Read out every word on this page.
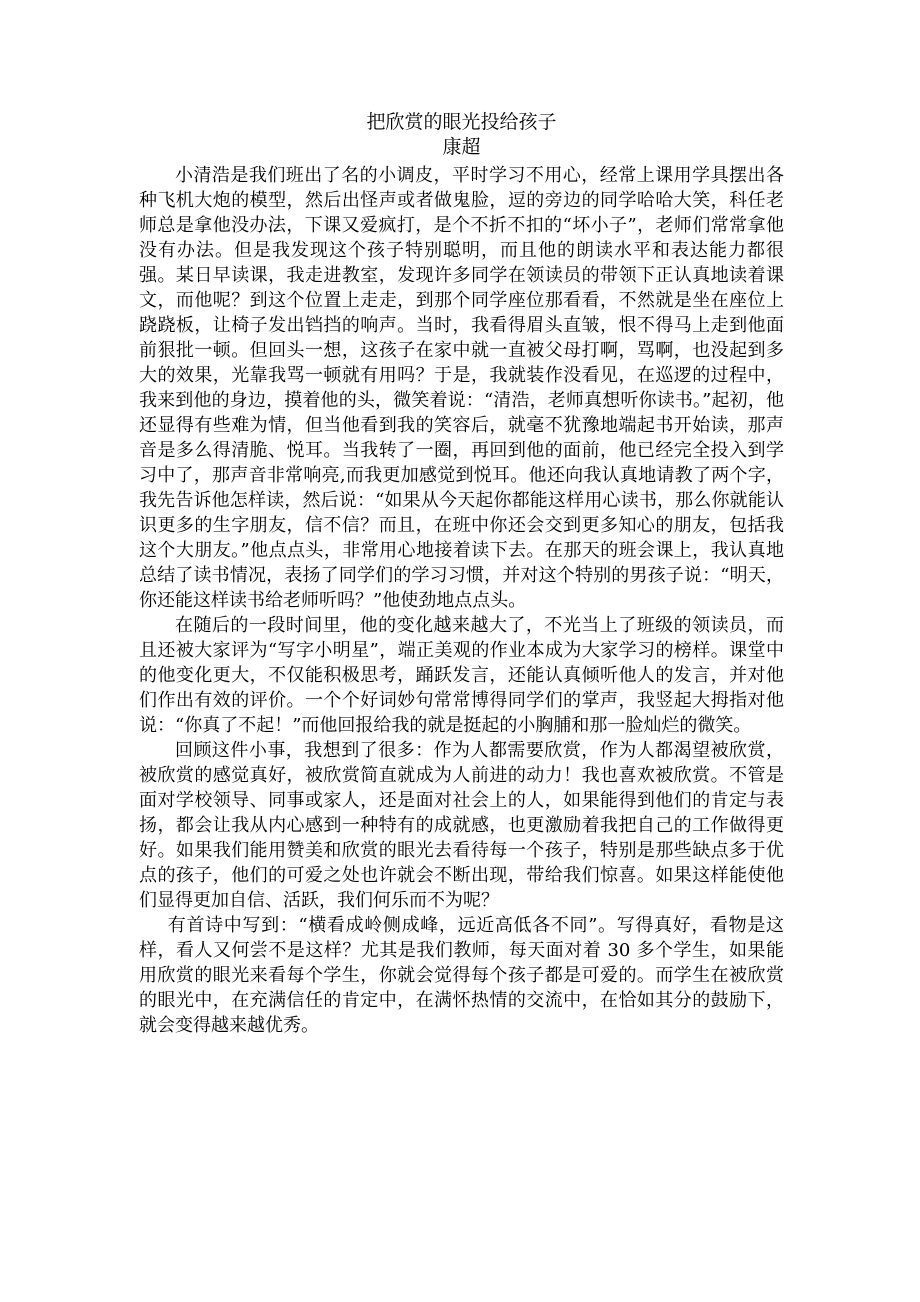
把欣赏的眼光投给孩子
康超

小清浩是我们班出了名的小调皮，平时学习不用心，经常上课用学具摆出各种飞机大炮的模型，然后出怪声或者做鬼脸，逗的旁边的同学哈哈大笑，科任老师总是拿他没办法，下课又爱疯打，是个不折不扣的“坏小子”，老师们常常拿他没有办法。但是我发现这个孩子特别聪明，而且他的朗读水平和表达能力都很强。某日早读课，我走进教室，发现许多同学在领读员的带领下正认真地读着课文，而他呢？到这个位置上走走，到那个同学座位那看看，不然就是坐在座位上跷跷板，让椅子发出铛挡的响声。当时，我看得眉头直皱，恨不得马上走到他面前狠批一顿。但回头一想，这孩子在家中就一直被父母打啊，骂啊，也没起到多大的效果，光靠我骂一顿就有用吗？于是，我就装作没看见，在巡逻的过程中，我来到他的身边，摸着他的头，微笑着说：“清浩，老师真想听你读书。”起初，他还显得有些难为情，但当他看到我的笑容后，就毫不犹豫地端起书开始读，那声音是多么得清脆、悦耳。当我转了一圈，再回到他的面前，他已经完全投入到学习中了，那声音非常响亮,而我更加感觉到悦耳。他还向我认真地请教了两个字，我先告诉他怎样读，然后说：“如果从今天起你都能这样用心读书，那么你就能认识更多的生字朋友，信不信？而且，在班中你还会交到更多知心的朋友，包括我这个大朋友。”他点点头，非常用心地接着读下去。在那天的班会课上，我认真地总结了读书情况，表扬了同学们的学习习惯，并对这个特别的男孩子说：“明天，你还能这样读书给老师听吗？”他使劲地点点头。

在随后的一段时间里，他的变化越来越大了，不光当上了班级的领读员，而且还被大家评为“写字小明星”，端正美观的作业本成为大家学习的榜样。课堂中的他变化更大，不仅能积极思考，踊跃发言，还能认真倾听他人的发言，并对他们作出有效的评价。一个个好词妙句常常博得同学们的掌声，我竖起大拇指对他说：“你真了不起！”而他回报给我的就是挺起的小胸脯和那一脸灿烂的微笑。

回顾这件小事，我想到了很多：作为人都需要欣赏，作为人都渴望被欣赏，被欣赏的感觉真好，被欣赏简直就成为人前进的动力！我也喜欢被欣赏。不管是面对学校领导、同事或家人，还是面对社会上的人，如果能得到他们的肯定与表扬，都会让我从内心感到一种特有的成就感，也更激励着我把自己的工作做得更好。如果我们能用赞美和欣赏的眼光去看待每一个孩子，特别是那些缺点多于优点的孩子，他们的可爱之处也许就会不断出现，带给我们惊喜。如果这样能使他们显得更加自信、活跃，我们何乐而不为呢？

有首诗中写到：“横看成岭侧成峰，远近高低各不同”。写得真好，看物是这样，看人又何尝不是这样？尤其是我们教师，每天面对着 30 多个学生，如果能用欣赏的眼光来看每个学生，你就会觉得每个孩子都是可爱的。而学生在被欣赏的眼光中，在充满信任的肯定中，在满怀热情的交流中，在恰如其分的鼓励下，就会变得越来越优秀。
